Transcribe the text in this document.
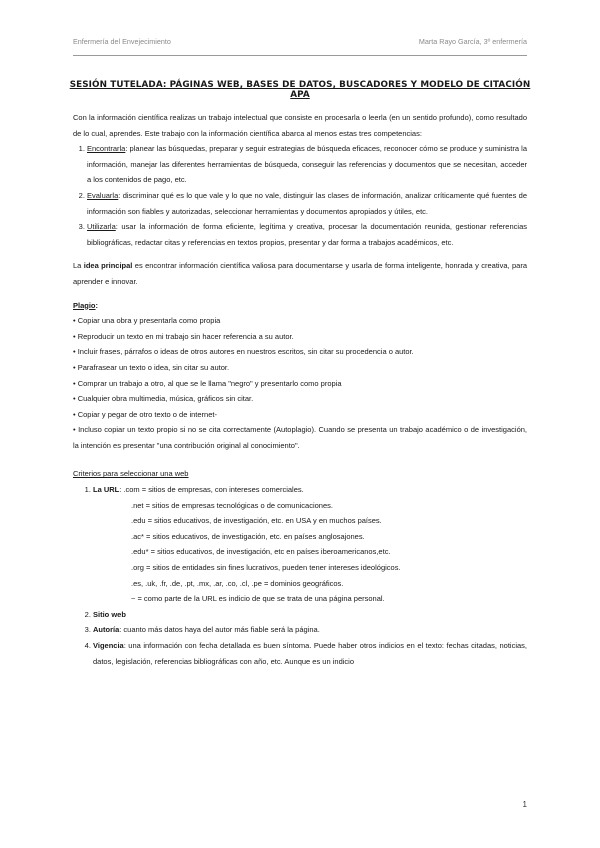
Enfermería del Envejecimiento	Marta Rayo García, 3º enfermería
SESIÓN TUTELADA: PÁGINAS WEB, BASES DE DATOS, BUSCADORES Y MODELO DE CITACIÓN APA

Con la información científica realizas un trabajo intelectual que consiste en procesarla o leerla (en un sentido profundo), como resultado de lo cual, aprendes. Este trabajo con la información científica abarca al menos estas tres competencias:

1. Encontrarla: planear las búsquedas, preparar y seguir estrategias de búsqueda eficaces, reconocer cómo se produce y suministra la información, manejar las diferentes herramientas de búsqueda, conseguir las referencias y documentos que se necesitan, acceder a los contenidos de pago, etc.
2. Evaluarla: discriminar qué es lo que vale y lo que no vale, distinguir las clases de información, analizar críticamente qué fuentes de información son fiables y autorizadas, seleccionar herramientas y documentos apropiados y útiles, etc.
3. Utilizarla: usar la información de forma eficiente, legítima y creativa, procesar la documentación reunida, gestionar referencias bibliográficas, redactar citas y referencias en textos propios, presentar y dar forma a trabajos académicos, etc.

La idea principal es encontrar información científica valiosa para documentarse y usarla de forma inteligente, honrada y creativa, para aprender e innovar.

Plagio:
• Copiar una obra y presentarla como propia
• Reproducir un texto en mi trabajo sin hacer referencia a su autor.
• Incluir frases, párrafos o ideas de otros autores en nuestros escritos, sin citar su procedencia o autor.
• Parafrasear un texto o idea, sin citar su autor.
• Comprar un trabajo a otro, al que se le llama "negro" y presentarlo como propia
• Cualquier obra multimedia, música, gráficos sin citar.
• Copiar y pegar de otro texto o de internet-

• Incluso copiar un texto propio si no se cita correctamente (Autoplagio). Cuando se presenta un trabajo académico o de investigación, la intención es presentar "una contribución original al conocimiento".

Criterios para seleccionar una web
1. La URL: .com = sitios de empresas, con intereses comerciales.
.net = sitios de empresas tecnológicas o de comunicaciones.
.edu = sitios educativos, de investigación, etc. en USA y en muchos países.
.ac* = sitios educativos, de investigación, etc. en países anglosajones.
.edu* = sitios educativos, de investigación, etc en países iberoamericanos,etc.
.org = sitios de entidades sin fines lucrativos, pueden tener intereses ideológicos.
.es, .uk, .fr, .de, .pt, .mx, .ar, .co, .cl, .pe = dominios geográficos.
~ = como parte de la URL es indicio de que se trata de una página personal.
2. Sitio web
3. Autoría: cuanto más datos haya del autor más fiable será la página.
4. Vigencia: una información con fecha detallada es buen síntoma. Puede haber otros indicios en el texto: fechas citadas, noticias, datos, legislación, referencias bibliográficas con año, etc. Aunque es un indicio
1
